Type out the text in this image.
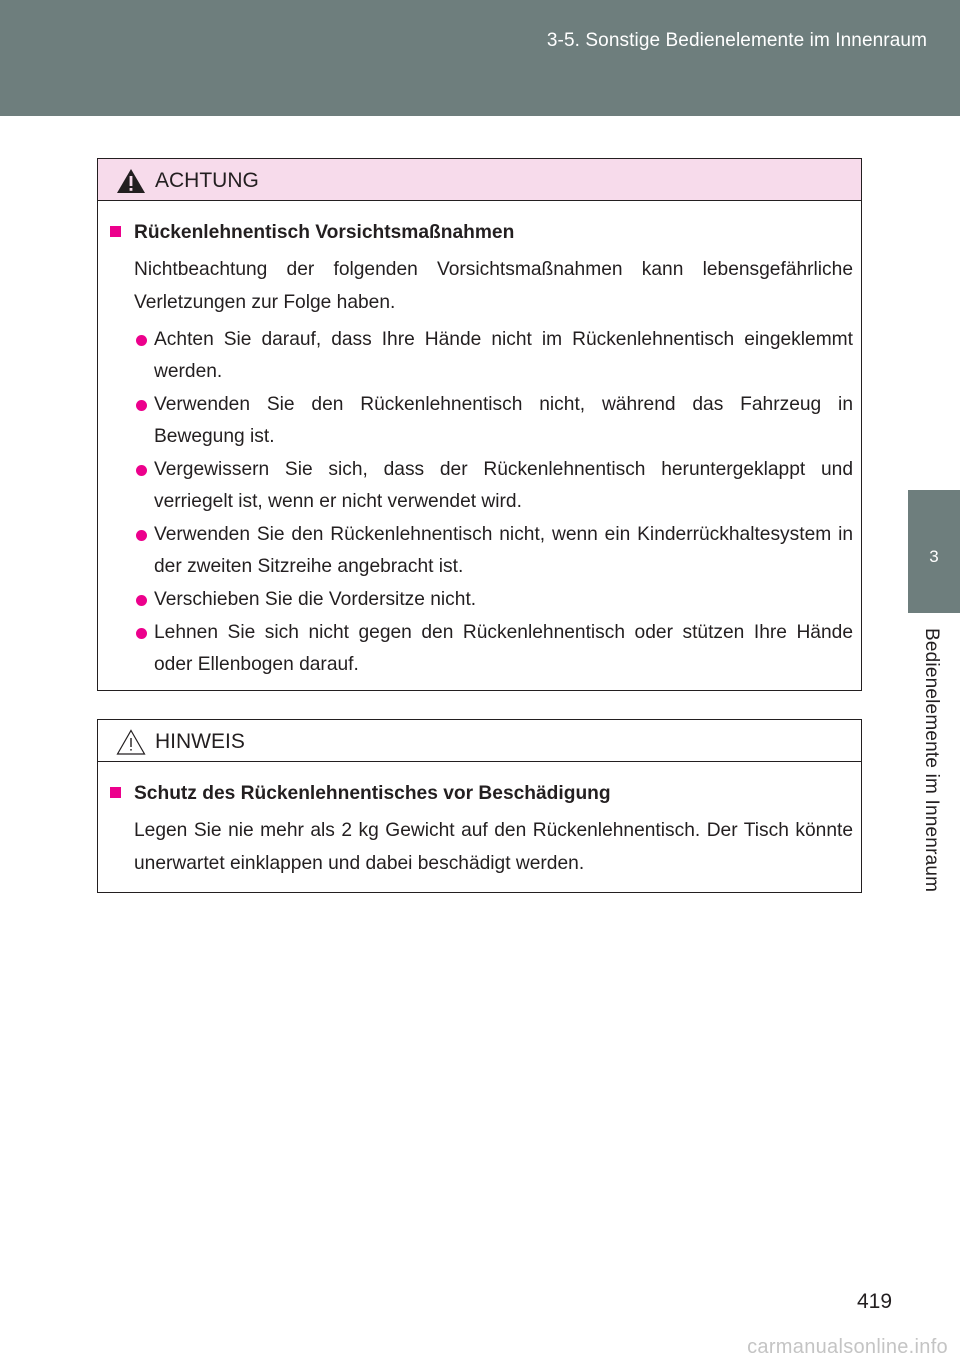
3-5. Sonstige Bedienelemente im Innenraum
3
Bedienelemente im Innenraum
ACHTUNG
Rückenlehnentisch Vorsichtsmaßnahmen
Nichtbeachtung der folgenden Vorsichtsmaßnahmen kann lebensgefährliche Verletzungen zur Folge haben.
Achten Sie darauf, dass Ihre Hände nicht im Rückenlehnentisch eingeklemmt werden.
Verwenden Sie den Rückenlehnentisch nicht, während das Fahrzeug in Bewegung ist.
Vergewissern Sie sich, dass der Rückenlehnentisch heruntergeklappt und verriegelt ist, wenn er nicht verwendet wird.
Verwenden Sie den Rückenlehnentisch nicht, wenn ein Kinderrückhaltesystem in der zweiten Sitzreihe angebracht ist.
Verschieben Sie die Vordersitze nicht.
Lehnen Sie sich nicht gegen den Rückenlehnentisch oder stützen Ihre Hände oder Ellenbogen darauf.
HINWEIS
Schutz des Rückenlehnentisches vor Beschädigung
Legen Sie nie mehr als 2 kg Gewicht auf den Rückenlehnentisch. Der Tisch könnte unerwartet einklappen und dabei beschädigt werden.
419
carmanualsonline.info
